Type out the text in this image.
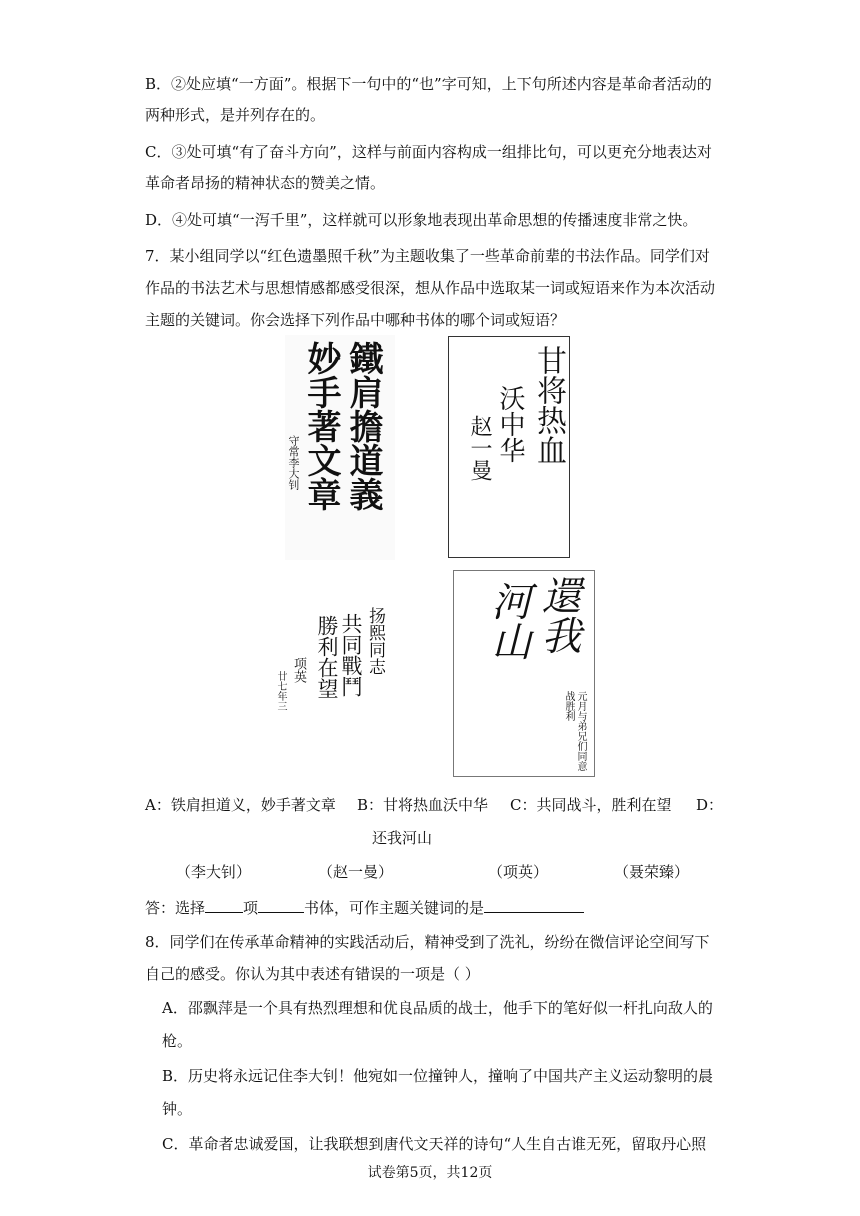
B．②处应填“一方面”。根据下一句中的“也”字可知，上下句所述内容是革命者活动的
两种形式，是并列存在的。
C．③处可填“有了奋斗方向”，这样与前面内容构成一组排比句，可以更充分地表达对
革命者昂扬的精神状态的赞美之情。
D．④处可填“一泻千里”，这样就可以形象地表现出革命思想的传播速度非常之快。
7．某小组同学以“红色遗墨照千秋”为主题收集了一些革命前辈的书法作品。同学们对
作品的书法艺术与思想情感都感受很深，想从作品中选取某一词或短语来作为本次活动
主题的关键词。你会选择下列作品中哪种书体的哪个词或短语？
鐵肩擔道義
妙手著文章
守常李大钊	甘将热血
沃中华
赵一曼
扬熙同志
共同戰鬥
勝利在望
项英
廿七年三
還我
河山
元月与弟兄们同意战胜利
A：铁肩担道义，妙手著文章 B：甘将热血沃中华 C：共同战斗，胜利在望 D：
还我河山
（李大钊）	（赵一曼）	（项英）	（聂荣臻）
答：选择	项	书体，可作主题关键词的是
8．同学们在传承革命精神的实践活动后，精神受到了洗礼，纷纷在微信评论空间写下
自己的感受。你认为其中表述有错误的一项是（ ）
A．邵飘萍是一个具有热烈理想和优良品质的战士，他手下的笔好似一杆扎向敌人的
枪。
B．历史将永远记住李大钊！他宛如一位撞钟人，撞响了中国共产主义运动黎明的晨
钟。
C．革命者忠诚爱国，让我联想到唐代文天祥的诗句“人生自古谁无死，留取丹心照
试卷第5页，共12页
